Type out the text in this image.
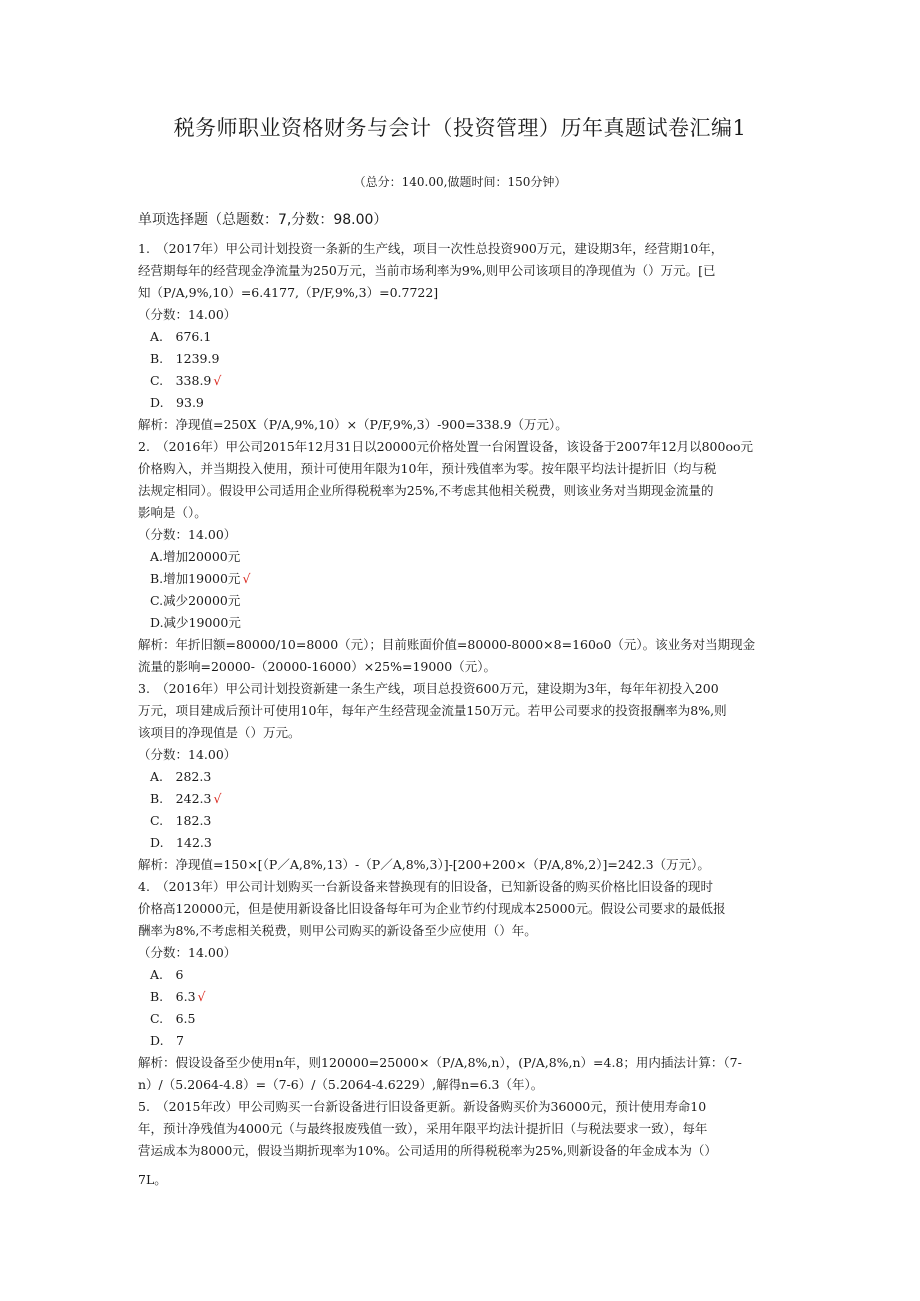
税务师职业资格财务与会计（投资管理）历年真题试卷汇编1
（总分：140.00,做题时间：150分钟）
单项选择题（总题数：7,分数：98.00）
1.　（2017年）甲公司计划投资一条新的生产线，项目一次性总投资900万元，建设期3年，经营期10年，
经营期每年的经营现金净流量为250万元，当前市场利率为9%,则甲公司该项目的净现值为（）万元。[已
知（P/A,9%,10）=6.4177,（P/F,9%,3）=0.7722]
（分数：14.00）
A.　676.1
B.　1239.9
C.　338.9 √
D.　93.9
解析：净现值=250X（P/A,9%,10）×（P/F,9%,3）-900=338.9（万元）。
2.　（2016年）甲公司2015年12月31日以20000元价格处置一台闲置设备，该设备于2007年12月以800oo元
价格购入，并当期投入使用，预计可使用年限为10年，预计残值率为零。按年限平均法计提折旧（均与税
法规定相同）。假设甲公司适用企业所得税税率为25%,不考虑其他相关税费，则该业务对当期现金流量的
影响是（）。
（分数：14.00）
A.增加20000元
B.增加19000元 √
C.减少20000元
D.减少19000元
解析：年折旧额=80000/10=8000（元）；目前账面价值=80000-8000×8=160o0（元）。该业务对当期现金
流量的影响=20000-（20000-16000）×25%=19000（元）。
3.　（2016年）甲公司计划投资新建一条生产线，项目总投资600万元，建设期为3年，每年年初投入200
万元，项目建成后预计可使用10年，每年产生经营现金流量150万元。若甲公司要求的投资报酬率为8%,则
该项目的净现值是（）万元。
（分数：14.00）
A.　282.3
B.　242.3 √
C.　182.3
D.　142.3
解析：净现值=150×[（P／A,8%,13）-（P／A,8%,3）]-[200+200×（P/A,8%,2）]=242.3（万元）。
4.　（2013年）甲公司计划购买一台新设备来替换现有的旧设备，已知新设备的购买价格比旧设备的现时
价格高120000元，但是使用新设备比旧设备每年可为企业节约付现成本25000元。假设公司要求的最低报
酬率为8%,不考虑相关税费，则甲公司购买的新设备至少应使用（）年。
（分数：14.00）
A.　6
B.　6.3 √
C.　6.5
D.　7
解析：假设设备至少使用n年，则120000=25000×（P/A,8%,n），(P/A,8%,n）=4.8；用内插法计算：（7-
n）/（5.2064-4.8）=（7-6）/（5.2064-4.6229）,解得n=6.3（年）。
5.　（2015年改）甲公司购买一台新设备进行旧设备更新。新设备购买价为36000元，预计使用寿命10
年，预计净残值为4000元（与最终报废残值一致），采用年限平均法计提折旧（与税法要求一致），每年
营运成本为8000元，假设当期折现率为10%。公司适用的所得税税率为25%,则新设备的年金成本为（）
7L。
